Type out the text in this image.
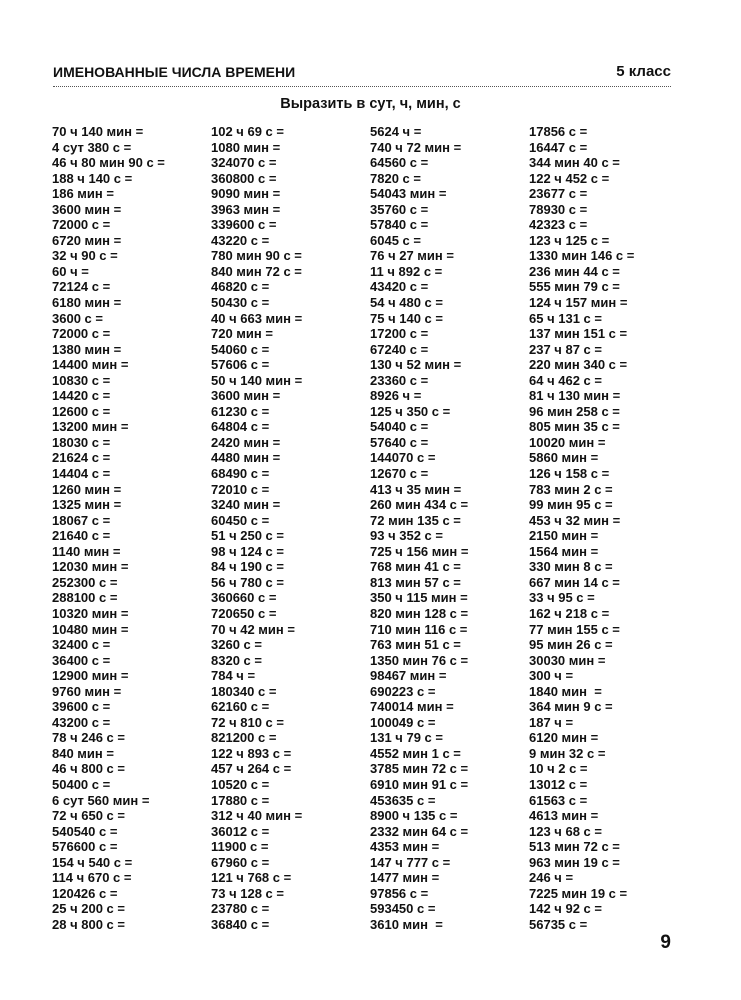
ИМЕНОВАННЫЕ ЧИСЛА ВРЕМЕНИ	5 класс
Выразить в сут, ч, мин, с
70 ч 140 мин =
4 сут 380 с =
46 ч 80 мин 90 с =
188 ч 140 с =
186 мин =
3600 мин =
72000 с =
6720 мин =
32 ч 90 с =
60 ч =
72124 с =
6180 мин =
3600 с =
72000 с =
1380 мин =
14400 мин =
10830 с =
14420 с =
12600 с =
13200 мин =
18030 с =
21624 с =
14404 с =
1260 мин =
1325 мин =
18067 с =
21640 с =
1140 мин =
12030 мин =
252300 с =
288100 с =
10320 мин =
10480 мин =
32400 с =
36400 с =
12900 мин =
9760 мин =
39600 с =
43200 с =
78 ч 246 с =
840 мин =
46 ч 800 с =
50400 с =
6 сут 560 мин =
72 ч 650 с =
540540 с =
576600 с =
154 ч 540 с =
114 ч 670 с =
120426 с =
25 ч 200 с =
28 ч 800 с =
102 ч 69 с =
1080 мин =
324070 с =
360800 с =
9090 мин =
3963 мин =
339600 с =
43220 с =
780 мин 90 с =
840 мин 72 с =
46820 с =
50430 с =
40 ч 663 мин =
720 мин =
54060 с =
57606 с =
50 ч 140 мин =
3600 мин =
61230 с =
64804 с =
2420 мин =
4480 мин =
68490 с =
72010 с =
3240 мин =
60450 с =
51 ч 250 с =
98 ч 124 с =
84 ч 190 с =
56 ч 780 с =
360660 с =
720650 с =
70 ч 42 мин =
3260 с =
8320 с =
784 ч =
180340 с =
62160 с =
72 ч 810 с =
821200 с =
122 ч 893 с =
457 ч 264 с =
10520 с =
17880 с =
312 ч 40 мин =
36012 с =
11900 с =
67960 с =
121 ч 768 с =
73 ч 128 с =
23780 с =
36840 с =
5624 ч =
740 ч 72 мин =
64560 с =
7820 с =
54043 мин =
35760 с =
57840 с =
6045 с =
76 ч 27 мин =
11 ч 892 с =
43420 с =
54 ч 480 с =
75 ч 140 с =
17200 с =
67240 с =
130 ч 52 мин =
23360 с =
8926 ч =
125 ч 350 с =
54040 с =
57640 с =
144070 с =
12670 с =
413 ч 35 мин =
260 мин 434 с =
72 мин 135 с =
93 ч 352 с =
725 ч 156 мин =
768 мин 41 с =
813 мин 57 с =
350 ч 115 мин =
820 мин 128 с =
710 мин 116 с =
763 мин 51 с =
1350 мин 76 с =
98467 мин =
690223 с =
740014 мин =
100049 с =
131 ч 79 с =
4552 мин 1 с =
3785 мин 72 с =
6910 мин 91 с =
453635 с =
8900 ч 135 с =
2332 мин 64 с =
4353 мин =
147 ч 777 с =
1477 мин =
97856 с =
593450 с =
3610 мин  =
17856 с =
16447 с =
344 мин 40 с =
122 ч 452 с =
23677 с =
78930 с =
42323 с =
123 ч 125 с =
1330 мин 146 с =
236 мин 44 с =
555 мин 79 с =
124 ч 157 мин =
65 ч 131 с =
137 мин 151 с =
237 ч 87 с =
220 мин 340 с =
64 ч 462 с =
81 ч 130 мин =
96 мин 258 с =
805 мин 35 с =
10020 мин =
5860 мин =
126 ч 158 с =
783 мин 2 с =
99 мин 95 с =
453 ч 32 мин =
2150 мин =
1564 мин =
330 мин 8 с =
667 мин 14 с =
33 ч 95 с =
162 ч 218 с =
77 мин 155 с =
95 мин 26 с =
30030 мин =
300 ч =
1840 мин  =
364 мин 9 с =
187 ч =
6120 мин =
9 мин 32 с =
10 ч 2 с =
13012 с =
61563 с =
4613 мин =
123 ч 68 с =
513 мин 72 с =
963 мин 19 с =
246 ч =
7225 мин 19 с =
142 ч 92 с =
56735 с =
9
